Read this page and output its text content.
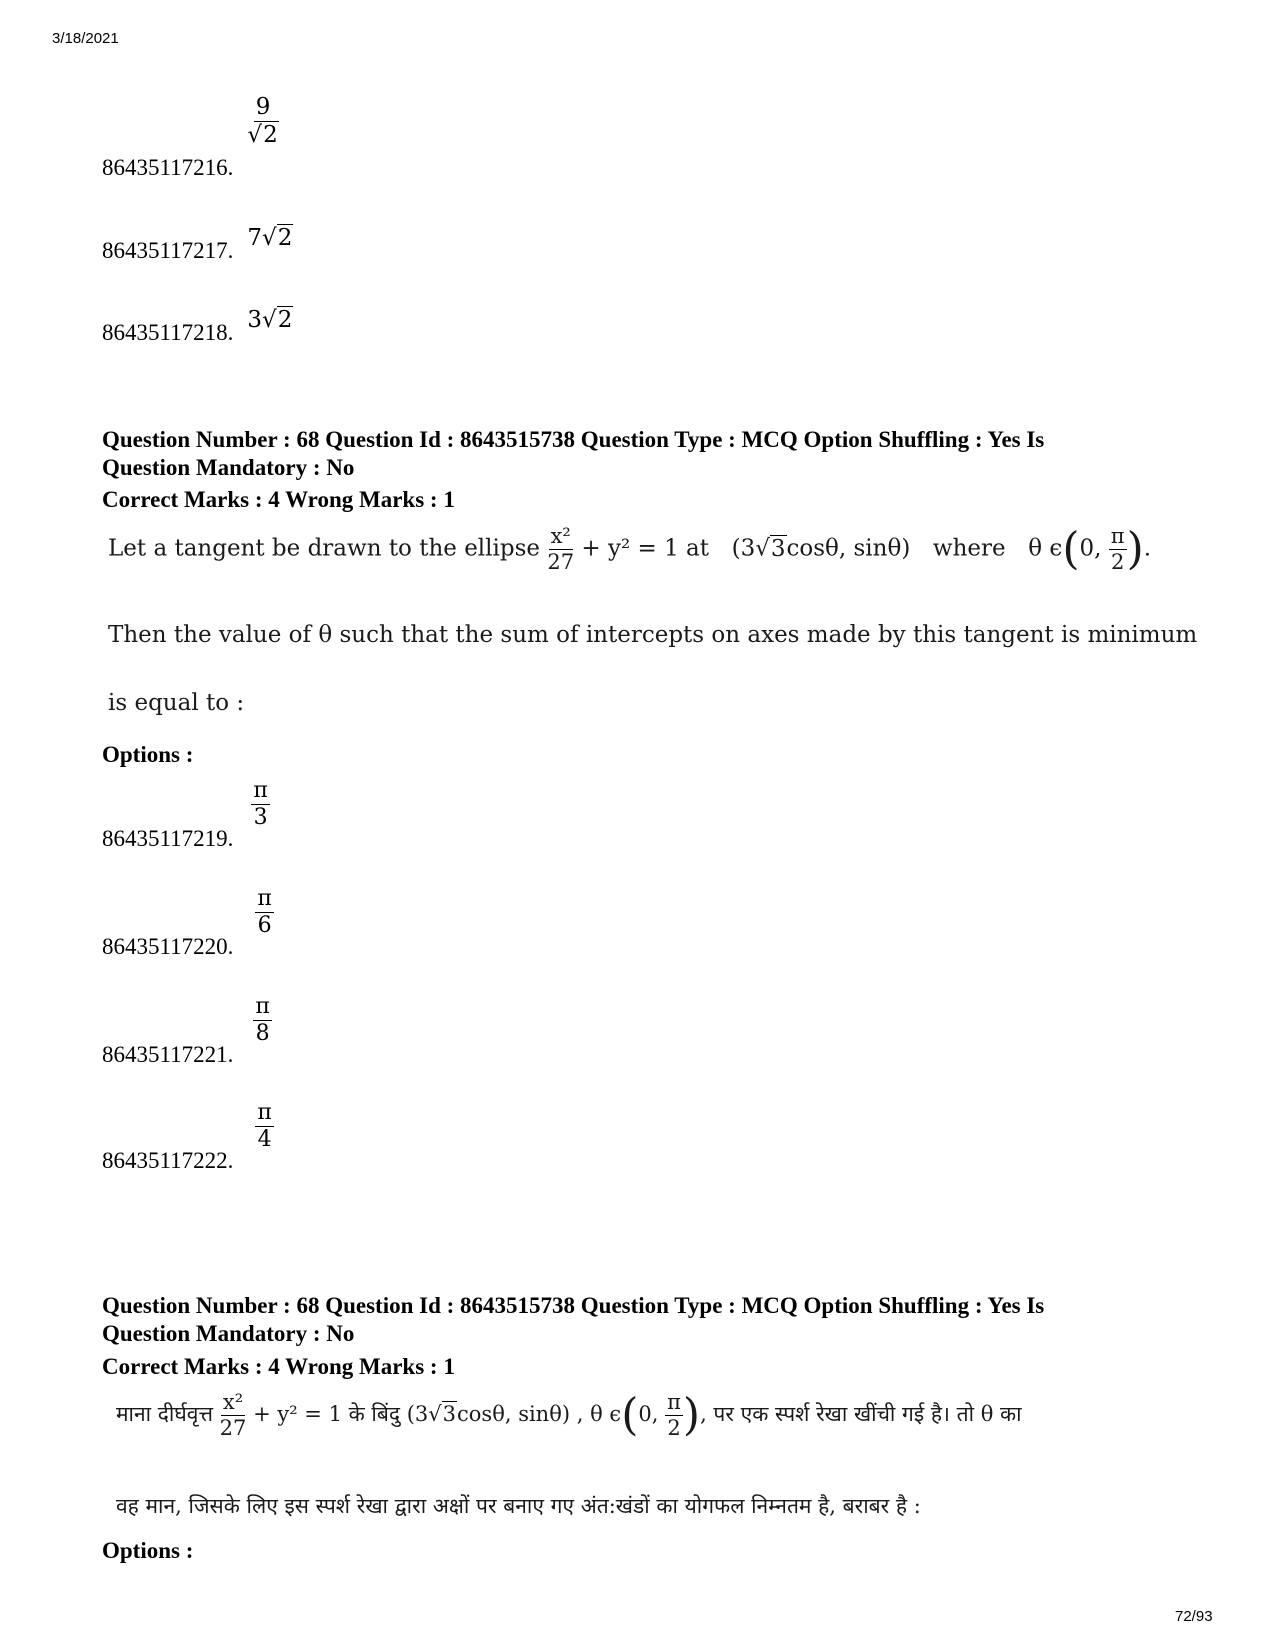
3/18/2021
72/93
86435117216.
$\frac{9}{√2}$
86435117217. 7√2
86435117218. 3√2
Question Number : 68 Question Id : 8643515738 Question Type : MCQ Option Shuffling : Yes Is
Question Mandatory : No
Correct Marks : 4 Wrong Marks : 1
Let a tangent be drawn to the ellipse $\frac{\text{x²}}{27} + y^2 = 1$ at (3√3cosθ, sinθ) where θ ϵ(0, $\frac{\pi}{2}$ ).
Then the value of θ such that the sum of intercepts on axes made by this tangent is minimum
is equal to :
Options :
86435117219.
$\frac{\pi}{3}$
86435117220.
$\frac{\pi}{6}$
86435117221.
$\frac{\pi}{8}$
86435117222.
$\frac{\pi}{4}$
Question Number : 68 Question Id : 8643515738 Question Type : MCQ Option Shuffling : Yes Is
Question Mandatory : No
Correct Marks : 4 Wrong Marks : 1
माना दीर्घवृत्त $\frac{\text{x²}}{27} + y^2 = 1$ के बिंदु (3√3cosθ, sinθ) , θ ϵ(0, $\frac{\pi}{2}$ ), पर एक स्पर्श रेखा खींची गई है। तो θ का
वह मान, जिसके लिए इस स्पर्श रेखा द्वारा अक्षों पर बनाए गए अंत:खंडों का योगफल निम्नतम है, बराबर है :
Options :
